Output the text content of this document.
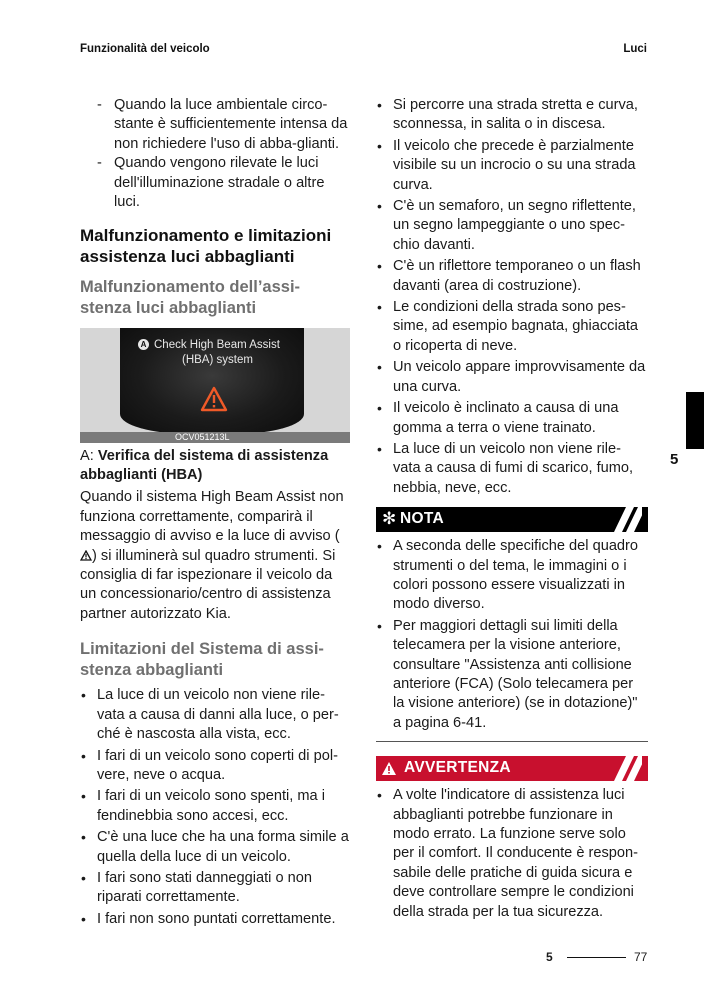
Funzionalità del veicolo	Luci
- Quando la luce ambientale circo-stante è sufficientemente intensa da non richiedere l'uso di abba-glianti.
- Quando vengono rilevate le luci dell'illuminazione stradale o altre luci.
Malfunzionamento e limitazioni assistenza luci abbaglianti
Malfunzionamento dell’assi-stenza luci abbaglianti
A Check High Beam Assist
(HBA) system
OCV051213L

A: Verifica del sistema di assistenza abbaglianti (HBA)

Quando il sistema High Beam Assist non funziona correttamente, comparirà il messaggio di avviso e la luce di avviso () si illuminerà sul quadro strumenti. Si consiglia di far ispezionare il veicolo da un concessionario/centro di assistenza partner autorizzato Kia.

Limitazioni del Sistema di assi-stenza abbaglianti
• La luce di un veicolo non viene rile-vata a causa di danni alla luce, o per-ché è nascosta alla vista, ecc.
• I fari di un veicolo sono coperti di pol-vere, neve o acqua.
• I fari di un veicolo sono spenti, ma i fendinebbia sono accesi, ecc.
• C'è una luce che ha una forma simile a quella della luce di un veicolo.
• I fari sono stati danneggiati o non riparati correttamente.
• I fari non sono puntati correttamente.
• Si percorre una strada stretta e curva, sconnessa, in salita o in discesa.
• Il veicolo che precede è parzialmente visibile su un incrocio o su una strada curva.
• C'è un semaforo, un segno riflettente, un segno lampeggiante o uno spec-chio davanti.
• C'è un riflettore temporaneo o un flash davanti (area di costruzione).
• Le condizioni della strada sono pes-sime, ad esempio bagnata, ghiacciata o ricoperta di neve.
• Un veicolo appare improvvisamente da una curva.
• Il veicolo è inclinato a causa di una gomma a terra o viene trainato.
• La luce di un veicolo non viene rile-vata a causa di fumi di scarico, fumo, nebbia, neve, ecc.
✻ NOTA
• A seconda delle specifiche del quadro strumenti o del tema, le immagini o i colori possono essere visualizzati in modo diverso.
• Per maggiori dettagli sui limiti della telecamera per la visione anteriore, consultare "Assistenza anti collisione anteriore (FCA) (Solo telecamera per la visione anteriore) (se in dotazione)" a pagina 6-41.
AVVERTENZA
• A volte l'indicatore di assistenza luci abbaglianti potrebbe funzionare in modo errato. La funzione serve solo per il comfort. Il conducente è respon-sabile delle pratiche di guida sicura e deve controllare sempre le condizioni della strada per la tua sicurezza.
5
5	77
